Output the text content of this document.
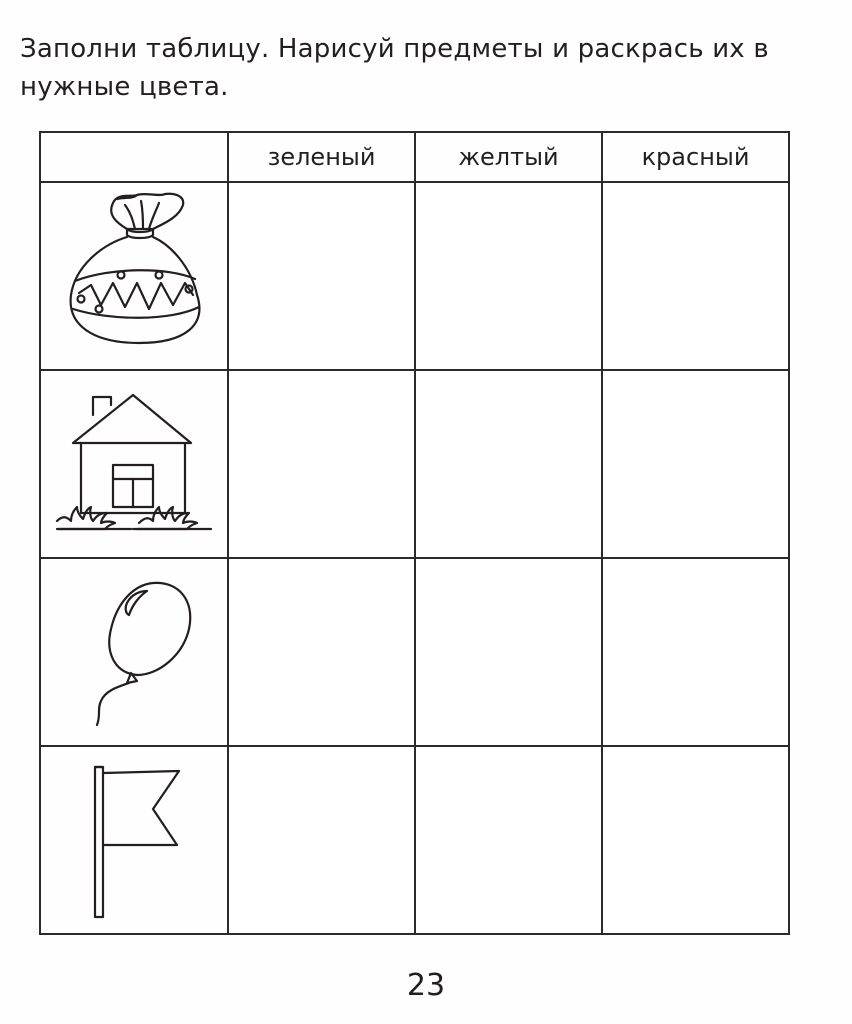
Заполни таблицу. Нарисуй предметы и раскрась их в нужные цвета.

	зеленый	желтый	красный

23
